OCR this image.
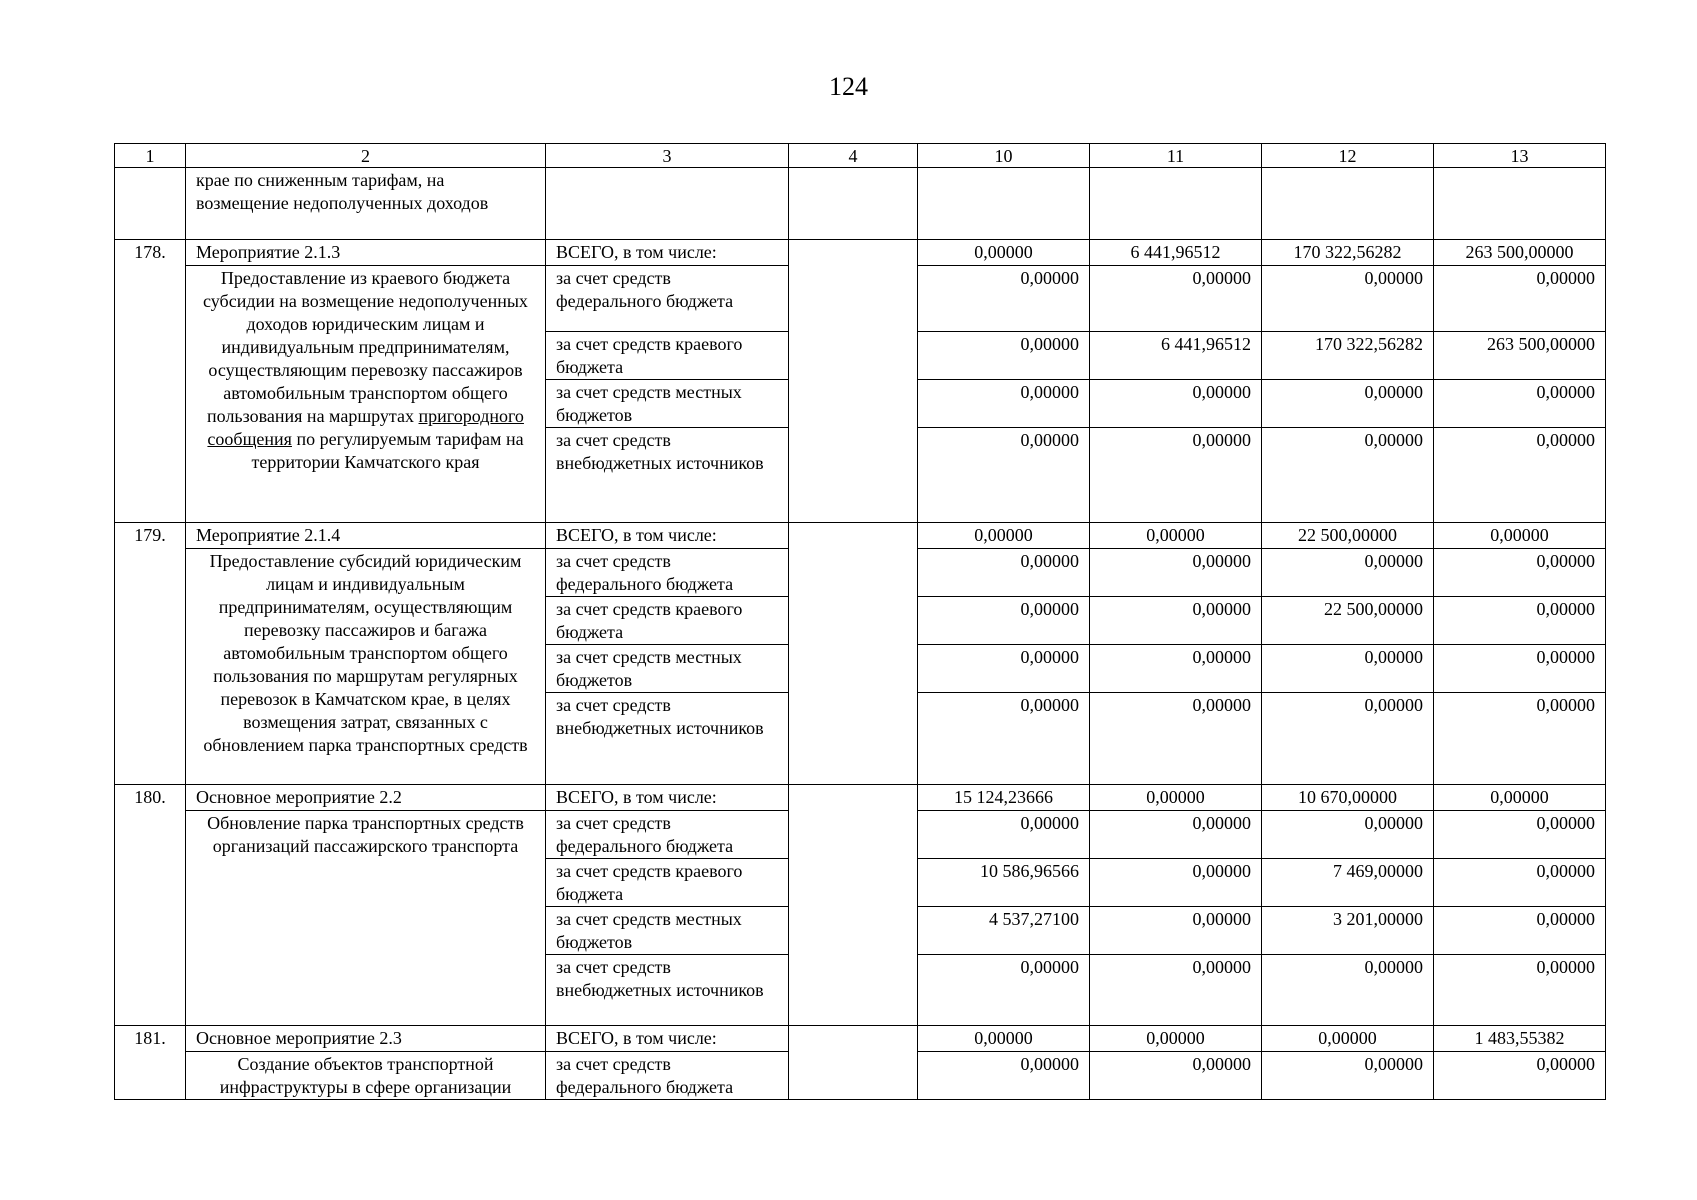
124
1	2	3	4	10	11	12	13
	крае по сниженным тарифам, на возмещение недополученных доходов						
178.	Мероприятие 2.1.3	ВСЕГО, в том числе:		0,00000	6 441,96512	170 322,56282	263 500,00000
	Предоставление из краевого бюджета субсидии на возмещение недополученных доходов юридическим лицам и индивидуальным предпринимателям, осуществляющим перевозку пассажиров автомобильным транспортом общего пользования на маршрутах пригородного сообщения по регулируемым тарифам на территории Камчатского края	за счет средств федерального бюджета		0,00000	0,00000	0,00000	0,00000
		за счет средств краевого бюджета		0,00000	6 441,96512	170 322,56282	263 500,00000
		за счет средств местных бюджетов		0,00000	0,00000	0,00000	0,00000
		за счет средств внебюджетных источников		0,00000	0,00000	0,00000	0,00000
179.	Мероприятие 2.1.4	ВСЕГО, в том числе:		0,00000	0,00000	22 500,00000	0,00000
	Предоставление субсидий юридическим лицам и индивидуальным предпринимателям, осуществляющим перевозку пассажиров и багажа автомобильным транспортом общего пользования по маршрутам регулярных перевозок в Камчатском крае, в целях возмещения затрат, связанных с обновлением парка транспортных средств	за счет средств федерального бюджета		0,00000	0,00000	0,00000	0,00000
		за счет средств краевого бюджета		0,00000	0,00000	22 500,00000	0,00000
		за счет средств местных бюджетов		0,00000	0,00000	0,00000	0,00000
		за счет средств внебюджетных источников		0,00000	0,00000	0,00000	0,00000
180.	Основное мероприятие 2.2	ВСЕГО, в том числе:		15 124,23666	0,00000	10 670,00000	0,00000
	Обновление парка транспортных средств организаций пассажирского транспорта	за счет средств федерального бюджета		0,00000	0,00000	0,00000	0,00000
		за счет средств краевого бюджета		10 586,96566	0,00000	7 469,00000	0,00000
		за счет средств местных бюджетов		4 537,27100	0,00000	3 201,00000	0,00000
		за счет средств внебюджетных источников		0,00000	0,00000	0,00000	0,00000
181.	Основное мероприятие 2.3	ВСЕГО, в том числе:		0,00000	0,00000	0,00000	1 483,55382
	Создание объектов транспортной инфраструктуры в сфере организации	за счет средств федерального бюджета		0,00000	0,00000	0,00000	0,00000
